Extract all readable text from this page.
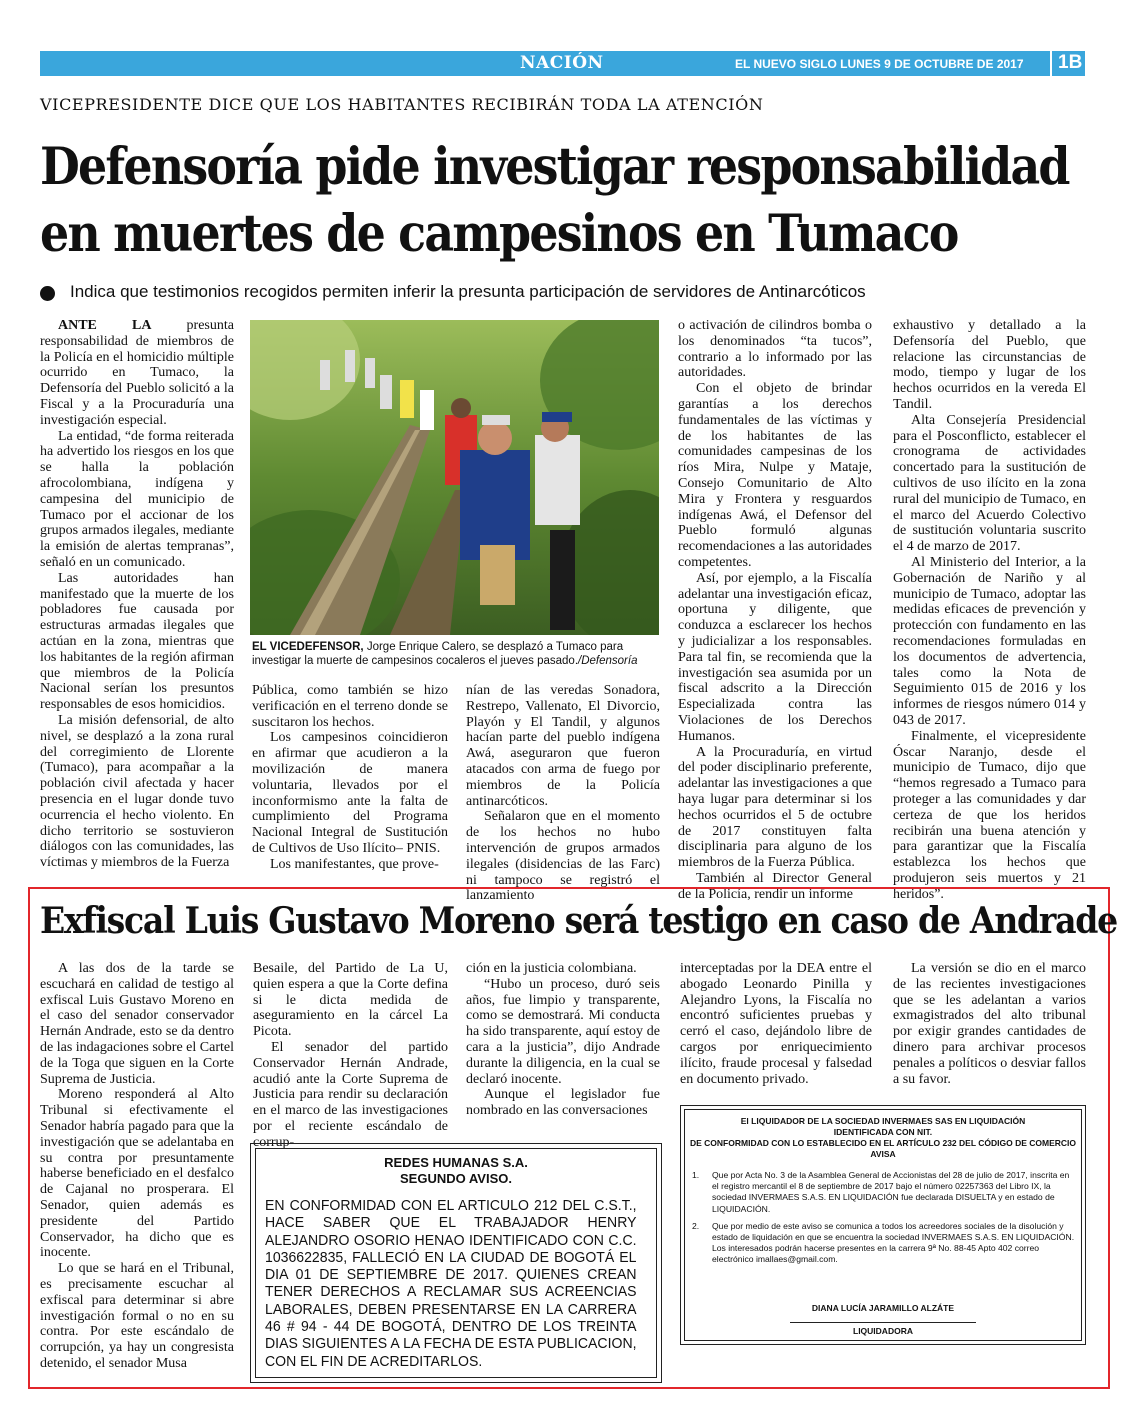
NACIÓN	EL NUEVO SIGLO LUNES 9 DE OCTUBRE DE 2017 1B
VICEPRESIDENTE DICE QUE LOS HABITANTES RECIBIRÁN TODA LA ATENCIÓN
Defensoría pide investigar responsabilidad
en muertes de campesinos en Tumaco
Indica que testimonios recogidos permiten inferir la presunta participación de servidores de Antinarcóticos

ANTE LA presunta responsabilidad de miembros de la Policía en el homicidio múltiple ocurrido en Tumaco, la Defensoría del Pueblo solicitó a la Fiscal y a la Procuraduría una investigación especial.

La entidad, “de forma reiterada ha advertido los riesgos en los que se halla la población afrocolombiana, indígena y campesina del municipio de Tumaco por el accionar de los grupos armados ilegales, mediante la emisión de alertas tempranas”, señaló en un comunicado.

Las autoridades han manifestado que la muerte de los pobladores fue causada por estructuras armadas ilegales que actúan en la zona, mientras que los habitantes de la región afirman que miembros de la Policía Nacional serían los presuntos responsables de esos homicidios.

La misión defensorial, de alto nivel, se desplazó a la zona rural del corregimiento de Llorente (Tumaco), para acompañar a la población civil afectada y hacer presencia en el lugar donde tuvo ocurrencia el hecho violento. En dicho territorio se sostuvieron diálogos con las comunidades, las víctimas y miembros de la Fuerza

EL VICEDEFENSOR, Jorge Enrique Calero, se desplazó a Tumaco para investigar la muerte de campesinos cocaleros el jueves pasado./Defensoría

Pública, como también se hizo verificación en el terreno donde se suscitaron los hechos.

Los campesinos coincidieron en afirmar que acudieron a la movilización de manera voluntaria, llevados por el inconformismo ante la falta de cumplimiento del Programa Nacional Integral de Sustitución de Cultivos de Uso Ilícito– PNIS.

Los manifestantes, que prove-

nían de las veredas Sonadora, Restrepo, Vallenato, El Divorcio, Playón y El Tandil, y algunos hacían parte del pueblo indígena Awá, aseguraron que fueron atacados con arma de fuego por miembros de la Policía antinarcóticos.

Señalaron que en el momento de los hechos no hubo intervención de grupos armados ilegales (disidencias de las Farc) ni tampoco se registró el lanzamiento

o activación de cilindros bomba o los denominados “ta tucos”, contrario a lo informado por las autoridades.

Con el objeto de brindar garantías a los derechos fundamentales de las víctimas y de los habitantes de las comunidades campesinas de los ríos Mira, Nulpe y Mataje, Consejo Comunitario de Alto Mira y Frontera y resguardos indígenas Awá, el Defensor del Pueblo formuló algunas recomendaciones a las autoridades competentes.

Así, por ejemplo, a la Fiscalía adelantar una investigación eficaz, oportuna y diligente, que conduzca a esclarecer los hechos y judicializar a los responsables. Para tal fin, se recomienda que la investigación sea asumida por un fiscal adscrito a la Dirección Especializada contra las Violaciones de los Derechos Humanos.

A la Procuraduría, en virtud del poder disciplinario preferente, adelantar las investigaciones a que haya lugar para determinar si los hechos ocurridos el 5 de octubre de 2017 constituyen falta disciplinaria para alguno de los miembros de la Fuerza Pública.

También al Director General de la Policía, rendir un informe

exhaustivo y detallado a la Defensoría del Pueblo, que relacione las circunstancias de modo, tiempo y lugar de los hechos ocurridos en la vereda El Tandil.

Alta Consejería Presidencial para el Posconflicto, establecer el cronograma de actividades concertado para la sustitución de cultivos de uso ilícito en la zona rural del municipio de Tumaco, en el marco del Acuerdo Colectivo de sustitución voluntaria suscrito el 4 de marzo de 2017.

Al Ministerio del Interior, a la Gobernación de Nariño y al municipio de Tumaco, adoptar las medidas eficaces de prevención y protección con fundamento en las recomendaciones formuladas en los documentos de advertencia, tales como la Nota de Seguimiento 015 de 2016 y los informes de riesgos número 014 y 043 de 2017.

Finalmente, el vicepresidente Óscar Naranjo, desde el municipio de Tumaco, dijo que “hemos regresado a Tumaco para proteger a las comunidades y dar certeza de que los heridos recibirán una buena atención y para garantizar que la Fiscalía establezca los hechos que produjeron seis muertos y 21 heridos”.

Exfiscal Luis Gustavo Moreno será testigo en caso de Andrade

A las dos de la tarde se escuchará en calidad de testigo al exfiscal Luis Gustavo Moreno en el caso del senador conservador Hernán Andrade, esto se da dentro de las indagaciones sobre el Cartel de la Toga que siguen en la Corte Suprema de Justicia.

Moreno responderá al Alto Tribunal si efectivamente el Senador habría pagado para que la investigación que se adelantaba en su contra por presuntamente haberse beneficiado en el desfalco de Cajanal no prosperara. El Senador, quien además es presidente del Partido Conservador, ha dicho que es inocente.

Lo que se hará en el Tribunal, es precisamente escuchar al exfiscal para determinar si abre investigación formal o no en su contra. Por este escándalo de corrupción, ya hay un congresista detenido, el senador Musa

Besaile, del Partido de La U, quien espera a que la Corte defina si le dicta medida de aseguramiento en la cárcel La Picota.

El senador del partido Conservador Hernán Andrade, acudió ante la Corte Suprema de Justicia para rendir su declaración en el marco de las investigaciones por el reciente escándalo de corrup-

ción en la justicia colombiana.

“Hubo un proceso, duró seis años, fue limpio y transparente, como se demostrará. Mi conducta ha sido transparente, aquí estoy de cara a la justicia”, dijo Andrade durante la diligencia, en la cual se declaró inocente.

Aunque el legislador fue nombrado en las conversaciones

interceptadas por la DEA entre el abogado Leonardo Pinilla y Alejandro Lyons, la Fiscalía no encontró suficientes pruebas y cerró el caso, dejándolo libre de cargos por enriquecimiento ilícito, fraude procesal y falsedad en documento privado.

La versión se dio en el marco de las recientes investigaciones que se les adelantan a varios exmagistrados del alto tribunal por exigir grandes cantidades de dinero para archivar procesos penales a políticos o desviar fallos a su favor.

REDES HUMANAS S.A.
SEGUNDO AVISO.
EN CONFORMIDAD CON EL ARTICULO 212 DEL C.S.T., HACE SABER QUE EL TRABAJADOR HENRY ALEJANDRO OSORIO HENAO IDENTIFICADO CON C.C. 1036622835, FALLECIÓ EN LA CIUDAD DE BOGOTÁ EL DIA 01 DE SEPTIEMBRE DE 2017. QUIENES CREAN TENER DERECHOS A RECLAMAR SUS ACREENCIAS LABORALES, DEBEN PRESENTARSE EN LA CARRERA 46 # 94 - 44 DE BOGOTÁ, DENTRO DE LOS TREINTA DIAS SIGUIENTES A LA FECHA DE ESTA PUBLICACION, CON EL FIN DE ACREDITARLOS.
El LIQUIDADOR DE LA SOCIEDAD INVERMAES SAS EN LIQUIDACIÓN
IDENTIFICADA CON NIT.
DE CONFORMIDAD CON LO ESTABLECIDO EN EL ARTÍCULO 232 DEL CÓDIGO DE COMERCIO
AVISA
1. Que por Acta No. 3 de la Asamblea General de Accionistas del 28 de julio de 2017, inscrita en el registro mercantil el 8 de septiembre de 2017 bajo el número 02257363 del Libro IX, la sociedad INVERMAES S.A.S. EN LIQUIDACIÓN fue declarada DISUELTA y en estado de LIQUIDACIÓN.
2. Que por medio de este aviso se comunica a todos los acreedores sociales de la disolución y estado de liquidación en que se encuentra la sociedad INVERMAES S.A.S. EN LIQUIDACIÓN. Los interesados podrán hacerse presentes en la carrera 9ª No. 88-45 Apto 402 correo electrónico imallaes@gmail.com.
DIANA LUCÍA JARAMILLO ALZÁTE
LIQUIDADORA
